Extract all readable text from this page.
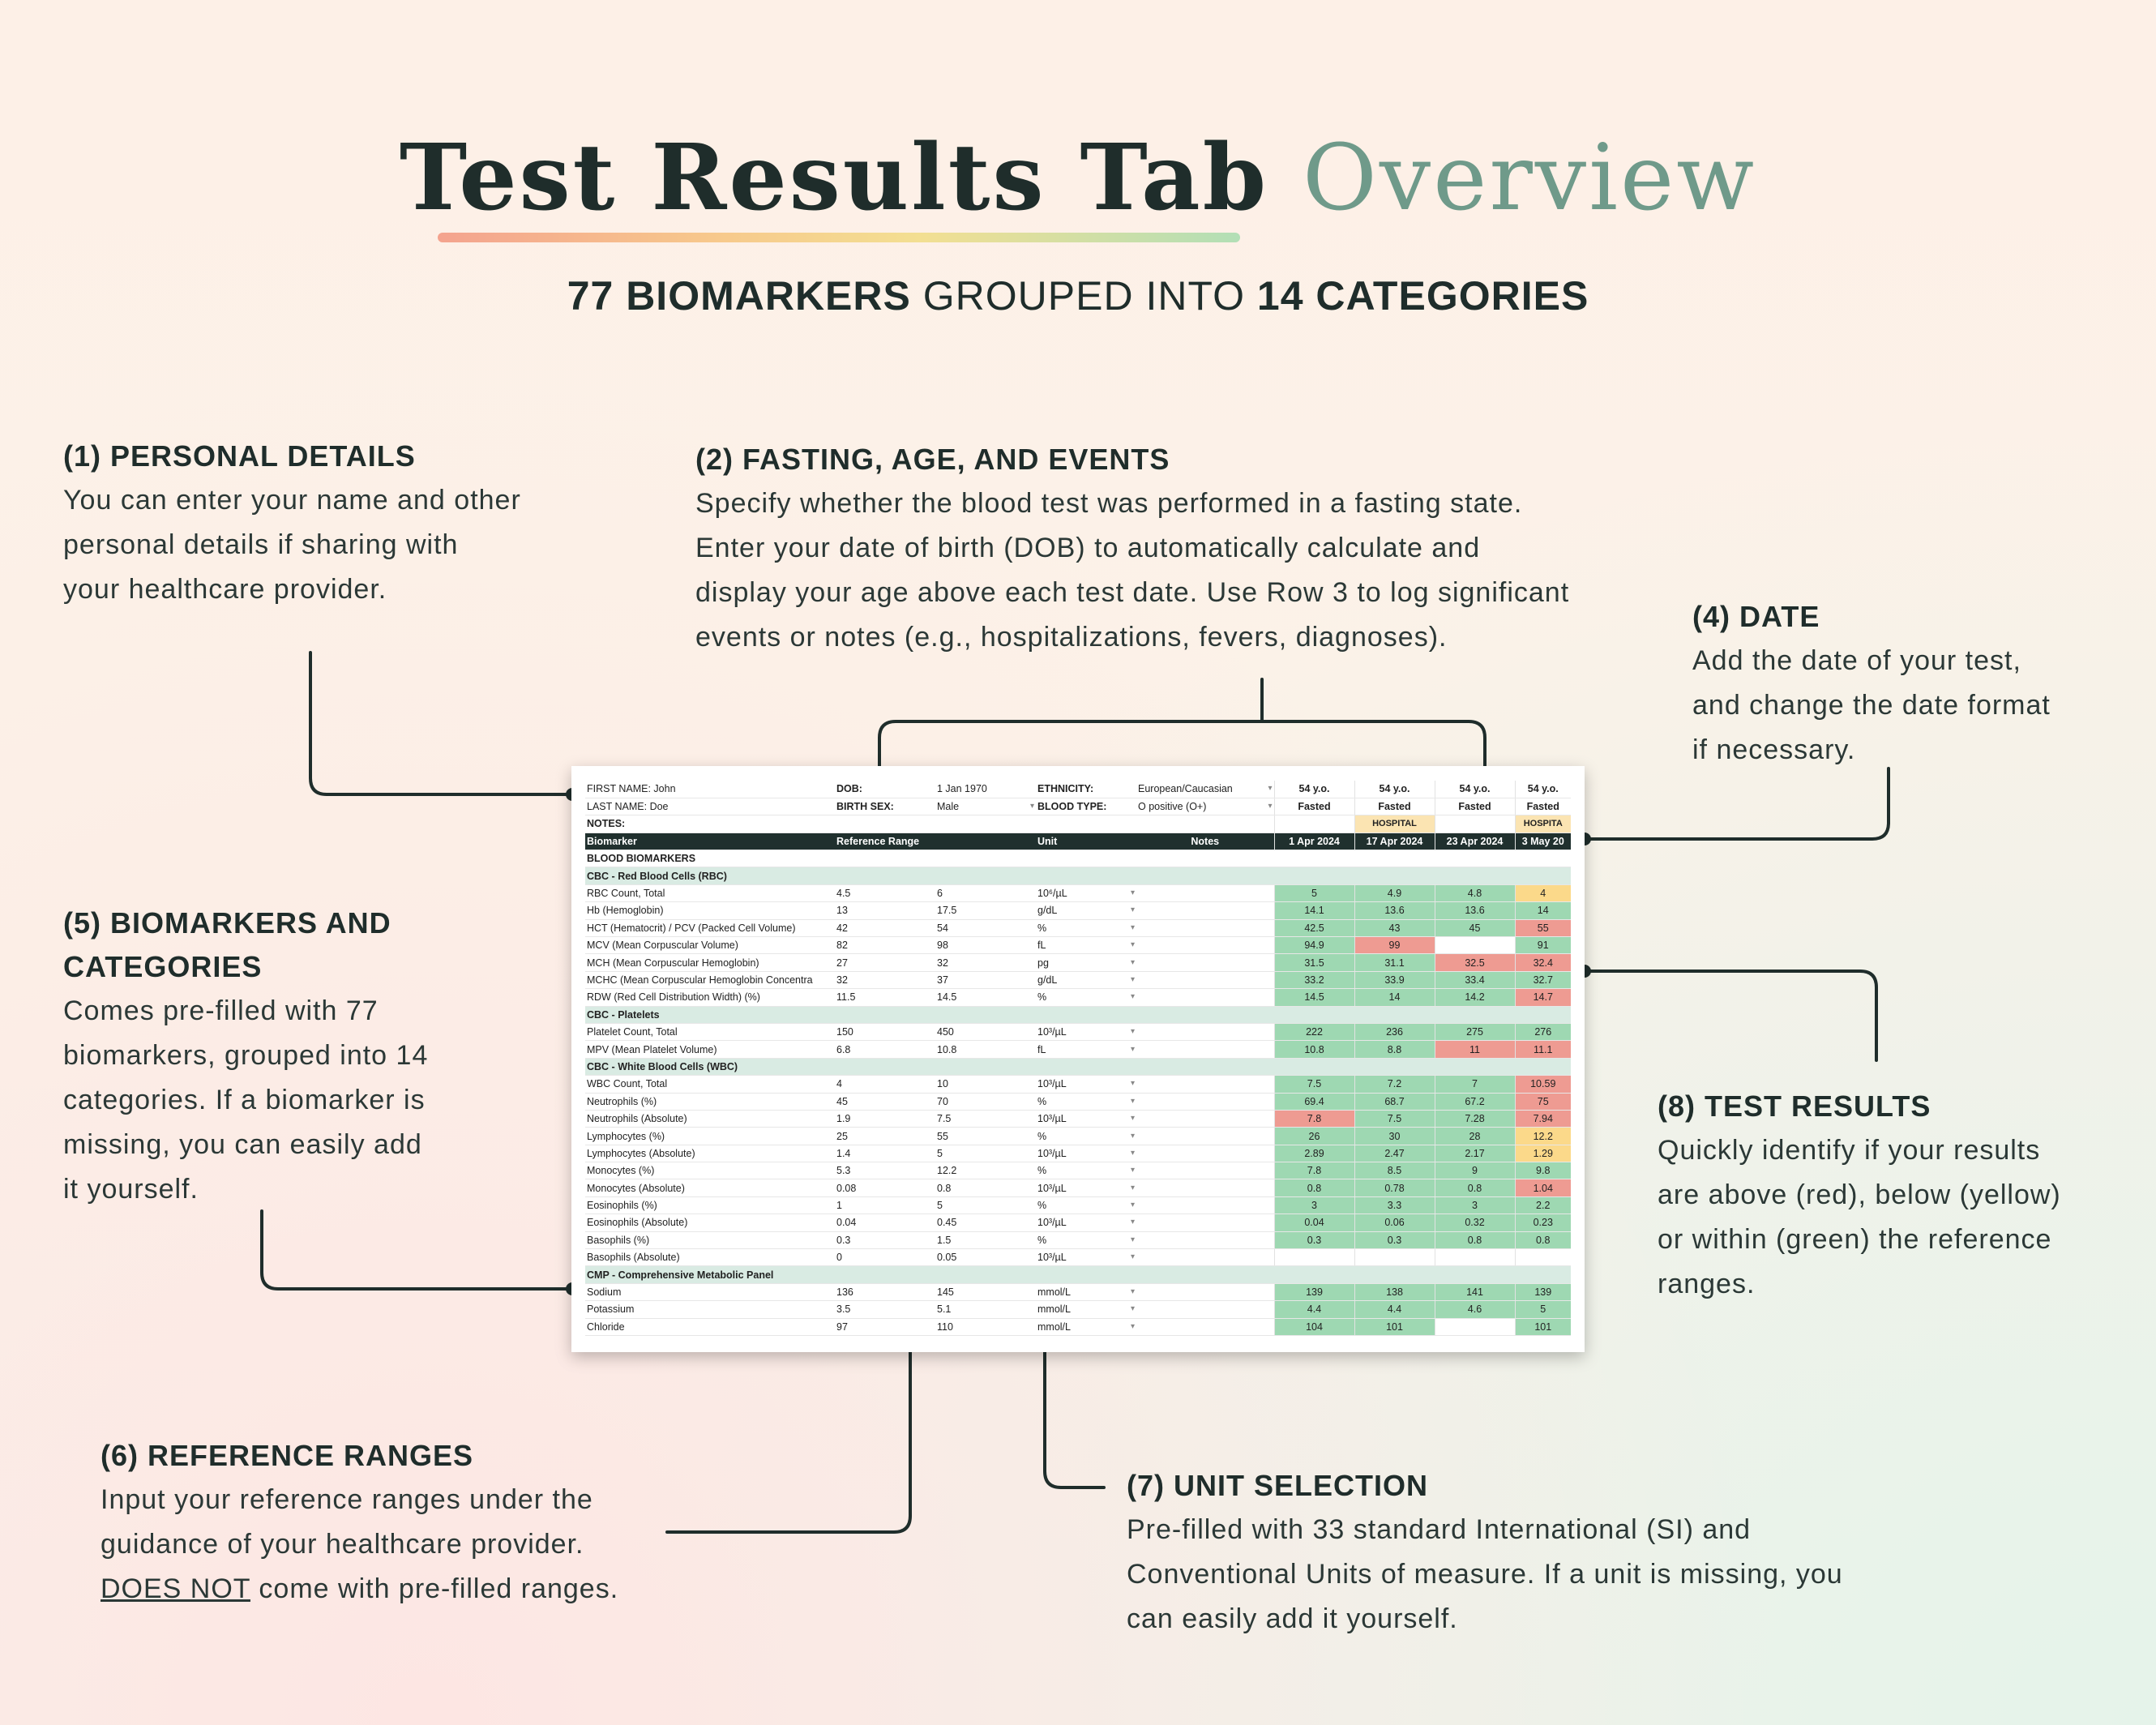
Test Results Tab Overview
77 BIOMARKERS GROUPED INTO 14 CATEGORIES
(1) PERSONAL DETAILS

You can enter your name and other

personal details if sharing with

your healthcare provider.

(2) FASTING, AGE, AND EVENTS

Specify whether the blood test was performed in a fasting state.

Enter your date of birth (DOB) to automatically calculate and

display your age above each test date. Use Row 3 to log significant

events or notes (e.g., hospitalizations, fevers, diagnoses).

(4) DATE

Add the date of your test,

and change the date format

if necessary.

(5) BIOMARKERS AND
CATEGORIES

Comes pre-filled with 77

biomarkers, grouped into 14

categories. If a biomarker is

missing, you can easily add

it yourself.

(6) REFERENCE RANGES

Input your reference ranges under the

guidance of your healthcare provider.

DOES NOT come with pre-filled ranges.

(7) UNIT SELECTION

Pre-filled with 33 standard International (SI) and

Conventional Units of measure. If a unit is missing, you

can easily add it yourself.

(8) TEST RESULTS

Quickly identify if your results

are above (red), below (yellow)

or within (green) the reference

ranges.

FIRST NAME: John	DOB:	1 Jan 1970	ETHNICITY:	European/Caucasian ▾	54 y.o.	54 y.o.	54 y.o.	54 y.o.
LAST NAME: Doe	BIRTH SEX:	Male ▾	BLOOD TYPE:	O positive (O+) ▾	Fasted	Fasted	Fasted	Fasted
NOTES:						HOSPITAL		HOSPITA
Biomarker	Reference Range		Unit	Notes	1 Apr 2024	17 Apr 2024	23 Apr 2024	3 May 20
BLOOD BIOMARKERS								
CBC - Red Blood Cells (RBC)								
RBC Count, Total	4.5	6	10⁶/µL ▾		5	4.9	4.8	4
Hb (Hemoglobin)	13	17.5	g/dL ▾		14.1	13.6	13.6	14
HCT (Hematocrit) / PCV (Packed Cell Volume)	42	54	% ▾		42.5	43	45	55
MCV (Mean Corpuscular Volume)	82	98	fL ▾		94.9	99		91
MCH (Mean Corpuscular Hemoglobin)	27	32	pg ▾		31.5	31.1	32.5	32.4
MCHC (Mean Corpuscular Hemoglobin Concentra	32	37	g/dL ▾		33.2	33.9	33.4	32.7
RDW (Red Cell Distribution Width) (%)	11.5	14.5	% ▾		14.5	14	14.2	14.7
CBC - Platelets								
Platelet Count, Total	150	450	10³/µL ▾		222	236	275	276
MPV (Mean Platelet Volume)	6.8	10.8	fL ▾		10.8	8.8	11	11.1
CBC - White Blood Cells (WBC)								
WBC Count, Total	4	10	10³/µL ▾		7.5	7.2	7	10.59
Neutrophils (%)	45	70	% ▾		69.4	68.7	67.2	75
Neutrophils (Absolute)	1.9	7.5	10³/µL ▾		7.8	7.5	7.28	7.94
Lymphocytes (%)	25	55	% ▾		26	30	28	12.2
Lymphocytes (Absolute)	1.4	5	10³/µL ▾		2.89	2.47	2.17	1.29
Monocytes (%)	5.3	12.2	% ▾		7.8	8.5	9	9.8
Monocytes (Absolute)	0.08	0.8	10³/µL ▾		0.8	0.78	0.8	1.04
Eosinophils (%)	1	5	% ▾		3	3.3	3	2.2
Eosinophils (Absolute)	0.04	0.45	10³/µL ▾		0.04	0.06	0.32	0.23
Basophils (%)	0.3	1.5	% ▾		0.3	0.3	0.8	0.8
Basophils (Absolute)	0	0.05	10³/µL ▾					

CMP - Comprehensive Metabolic Panel								
Sodium	136	145	mmol/L ▾		139	138	141	139
Potassium	3.5	5.1	mmol/L ▾		4.4	4.4	4.6	5
Chloride	97	110	mmol/L ▾		104	101		101
